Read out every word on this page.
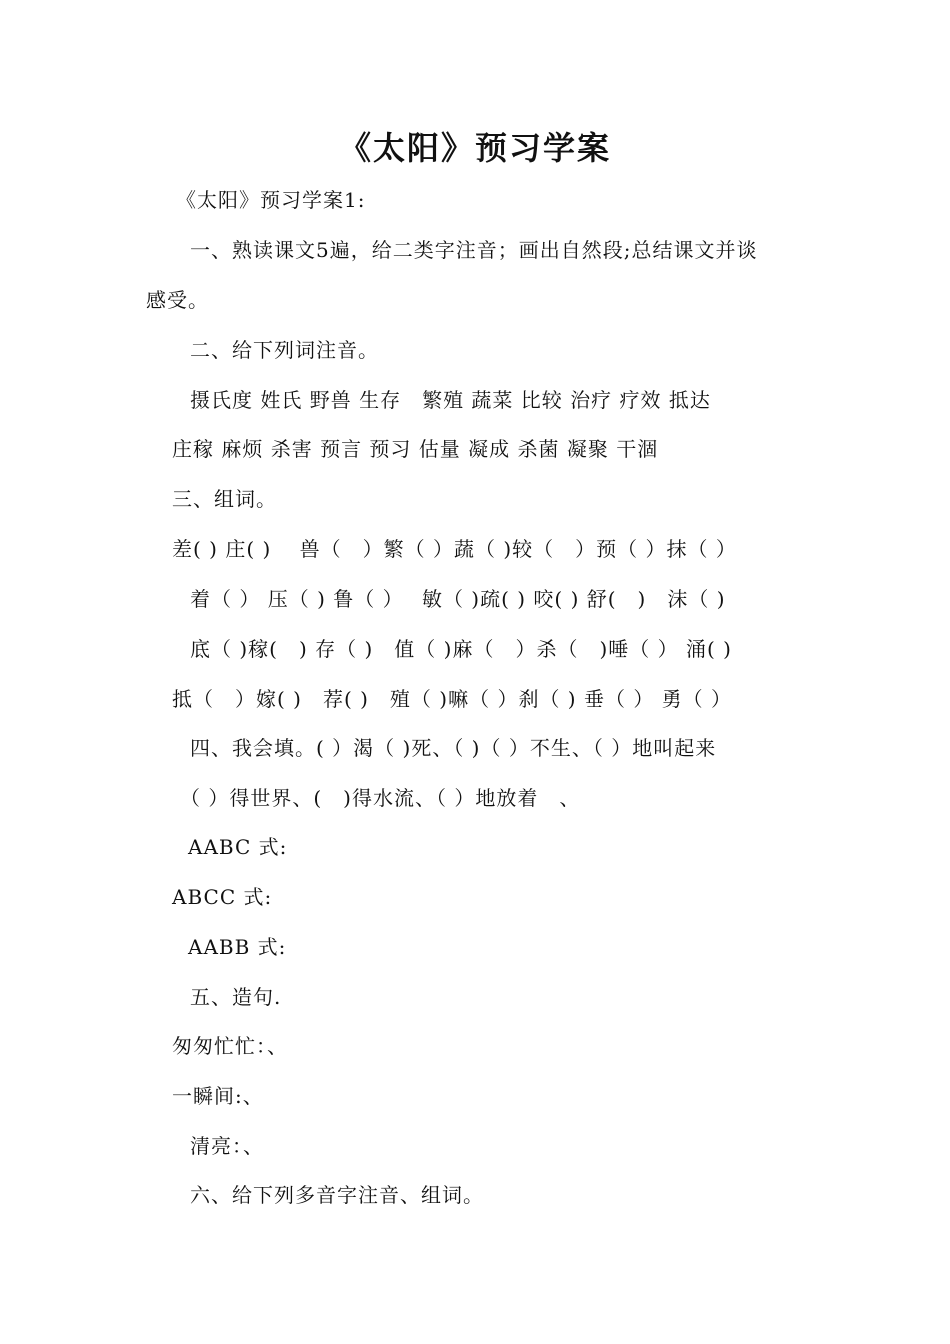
《太阳》预习学案
《太阳》预习学案1:
一、熟读课文5遍，给二类字注音；画出自然段;总结课文并谈
感受。
二、给下列词注音。
摄氏度 姓氏 野兽 生存　繁殖 蔬菜 比较 治疗 疗效 抵达
庄稼 麻烦 杀害 预言 预习 估量 凝成 杀菌 凝聚 干涸
三、组词。
差( ) 庄( )　 兽（　）繁（ ）蔬（ )较（　）预（ ）抹（ ）
着（ ） 压（ ) 鲁（ ）　 敏（ )疏( ) 咬( ) 舒(　)　沫（ )
底（ )稼(　) 存（ )　值（ )麻（　）杀（　)唾（ ） 涌( )
抵（　）嫁( )　荐( )　殖（ )嘛（ ）刹（ ) 垂（ ） 勇（ ）
四、我会填。( ）渴（ )死、（ )（ ）不生、（ ）地叫起来
（ ）得世界、(　)得水流、（ ）地放着　、
AABC 式:
ABCC 式:
AABB 式:
五、造句.
匆匆忙忙：、
一瞬间:、
清亮：、
六、给下列多音字注音、组词。
